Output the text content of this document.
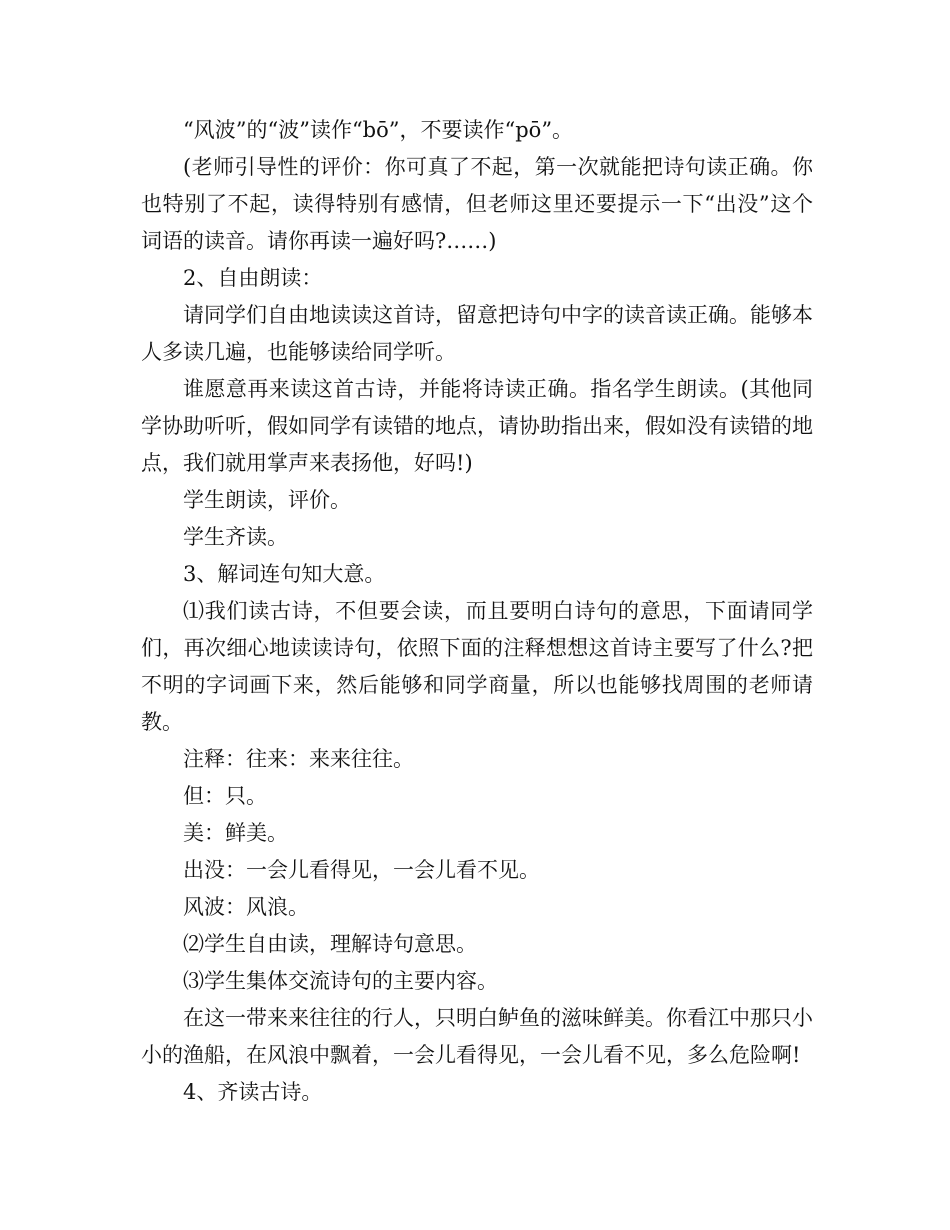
“风波”的“波”读作“bō”，不要读作“pō”。

(老师引导性的评价：你可真了不起，第一次就能把诗句读正确。你也特别了不起，读得特别有感情，但老师这里还要提示一下“出没”这个词语的读音。请你再读一遍好吗?……)

2、自由朗读：

请同学们自由地读读这首诗，留意把诗句中字的读音读正确。能够本人多读几遍，也能够读给同学听。

谁愿意再来读这首古诗，并能将诗读正确。指名学生朗读。(其他同学协助听听，假如同学有读错的地点，请协助指出来，假如没有读错的地点，我们就用掌声来表扬他，好吗!)

学生朗读，评价。

学生齐读。

3、解词连句知大意。

⑴我们读古诗，不但要会读，而且要明白诗句的意思，下面请同学们，再次细心地读读诗句，依照下面的注释想想这首诗主要写了什么?把不明的字词画下来，然后能够和同学商量，所以也能够找周围的老师请教。

注释：往来：来来往往。

但：只。

美：鲜美。

出没：一会儿看得见，一会儿看不见。

风波：风浪。

⑵学生自由读，理解诗句意思。

⑶学生集体交流诗句的主要内容。

在这一带来来往往的行人，只明白鲈鱼的滋味鲜美。你看江中那只小小的渔船，在风浪中飘着，一会儿看得见，一会儿看不见，多么危险啊!

4、齐读古诗。
